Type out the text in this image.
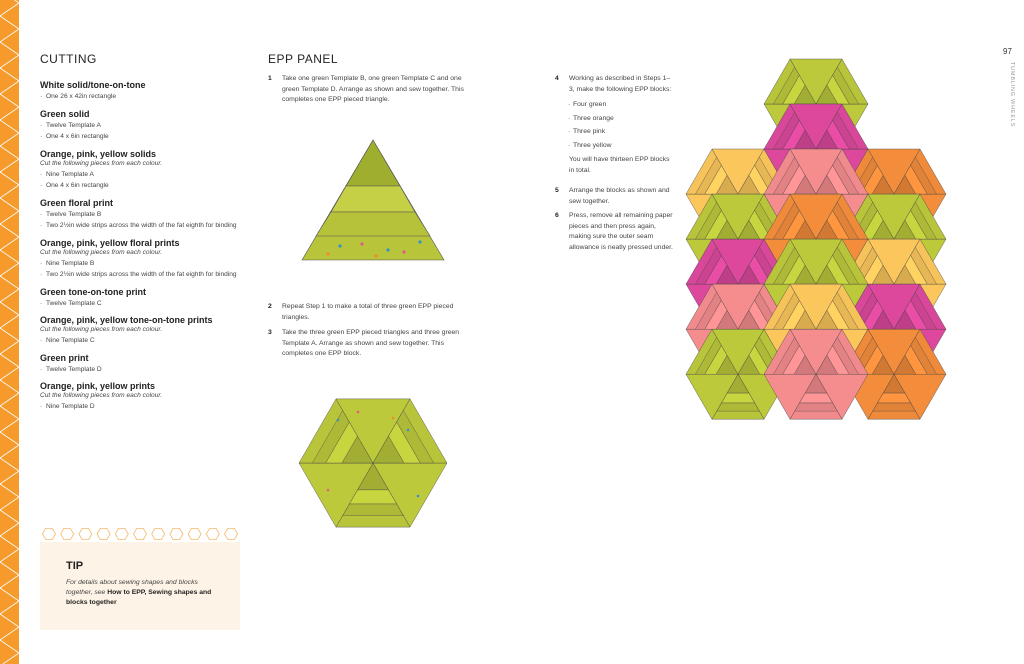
CUTTING
White solid/tone-on-tone
· One 26 x 42in rectangle
Green solid
· Twelve Template A
· One 4 x 6in rectangle
Orange, pink, yellow solids
Cut the following pieces from each colour.
· Nine Template A
· One 4 x 6in rectangle
Green floral print
· Twelve Template B
· Two 2½in wide strips across the width of the fat eighth for binding
Orange, pink, yellow floral prints
Cut the following pieces from each colour.
· Nine Template B
· Two 2½in wide strips across the width of the fat eighth for binding
Green tone-on-tone print
· Twelve Template C
Orange, pink, yellow tone-on-tone prints
Cut the following pieces from each colour.
· Nine Template C
Green print
· Twelve Template D
Orange, pink, yellow prints
Cut the following pieces from each colour.
· Nine Template D
TIP
For details about sewing shapes and blocks together, see How to EPP, Sewing shapes and blocks together
EPP PANEL
1 Take one green Template B, one green Template C and one green Template D. Arrange as shown and sew together. This completes one EPP pieced triangle.
2 Repeat Step 1 to make a total of three green EPP pieced triangles.
3 Take the three green EPP pieced triangles and three green Template A. Arrange as shown and sew together. This completes one EPP block.
4 Working as described in Steps 1–3, make the following EPP blocks:
· Four green
· Three orange
· Three pink
· Three yellow
You will have thirteen EPP blocks in total.
5 Arrange the blocks as shown and sew together.
6 Press, remove all remaining paper pieces and then press again, making sure the outer seam allowance is neatly pressed under.
97
TUMBLING WHEELS
